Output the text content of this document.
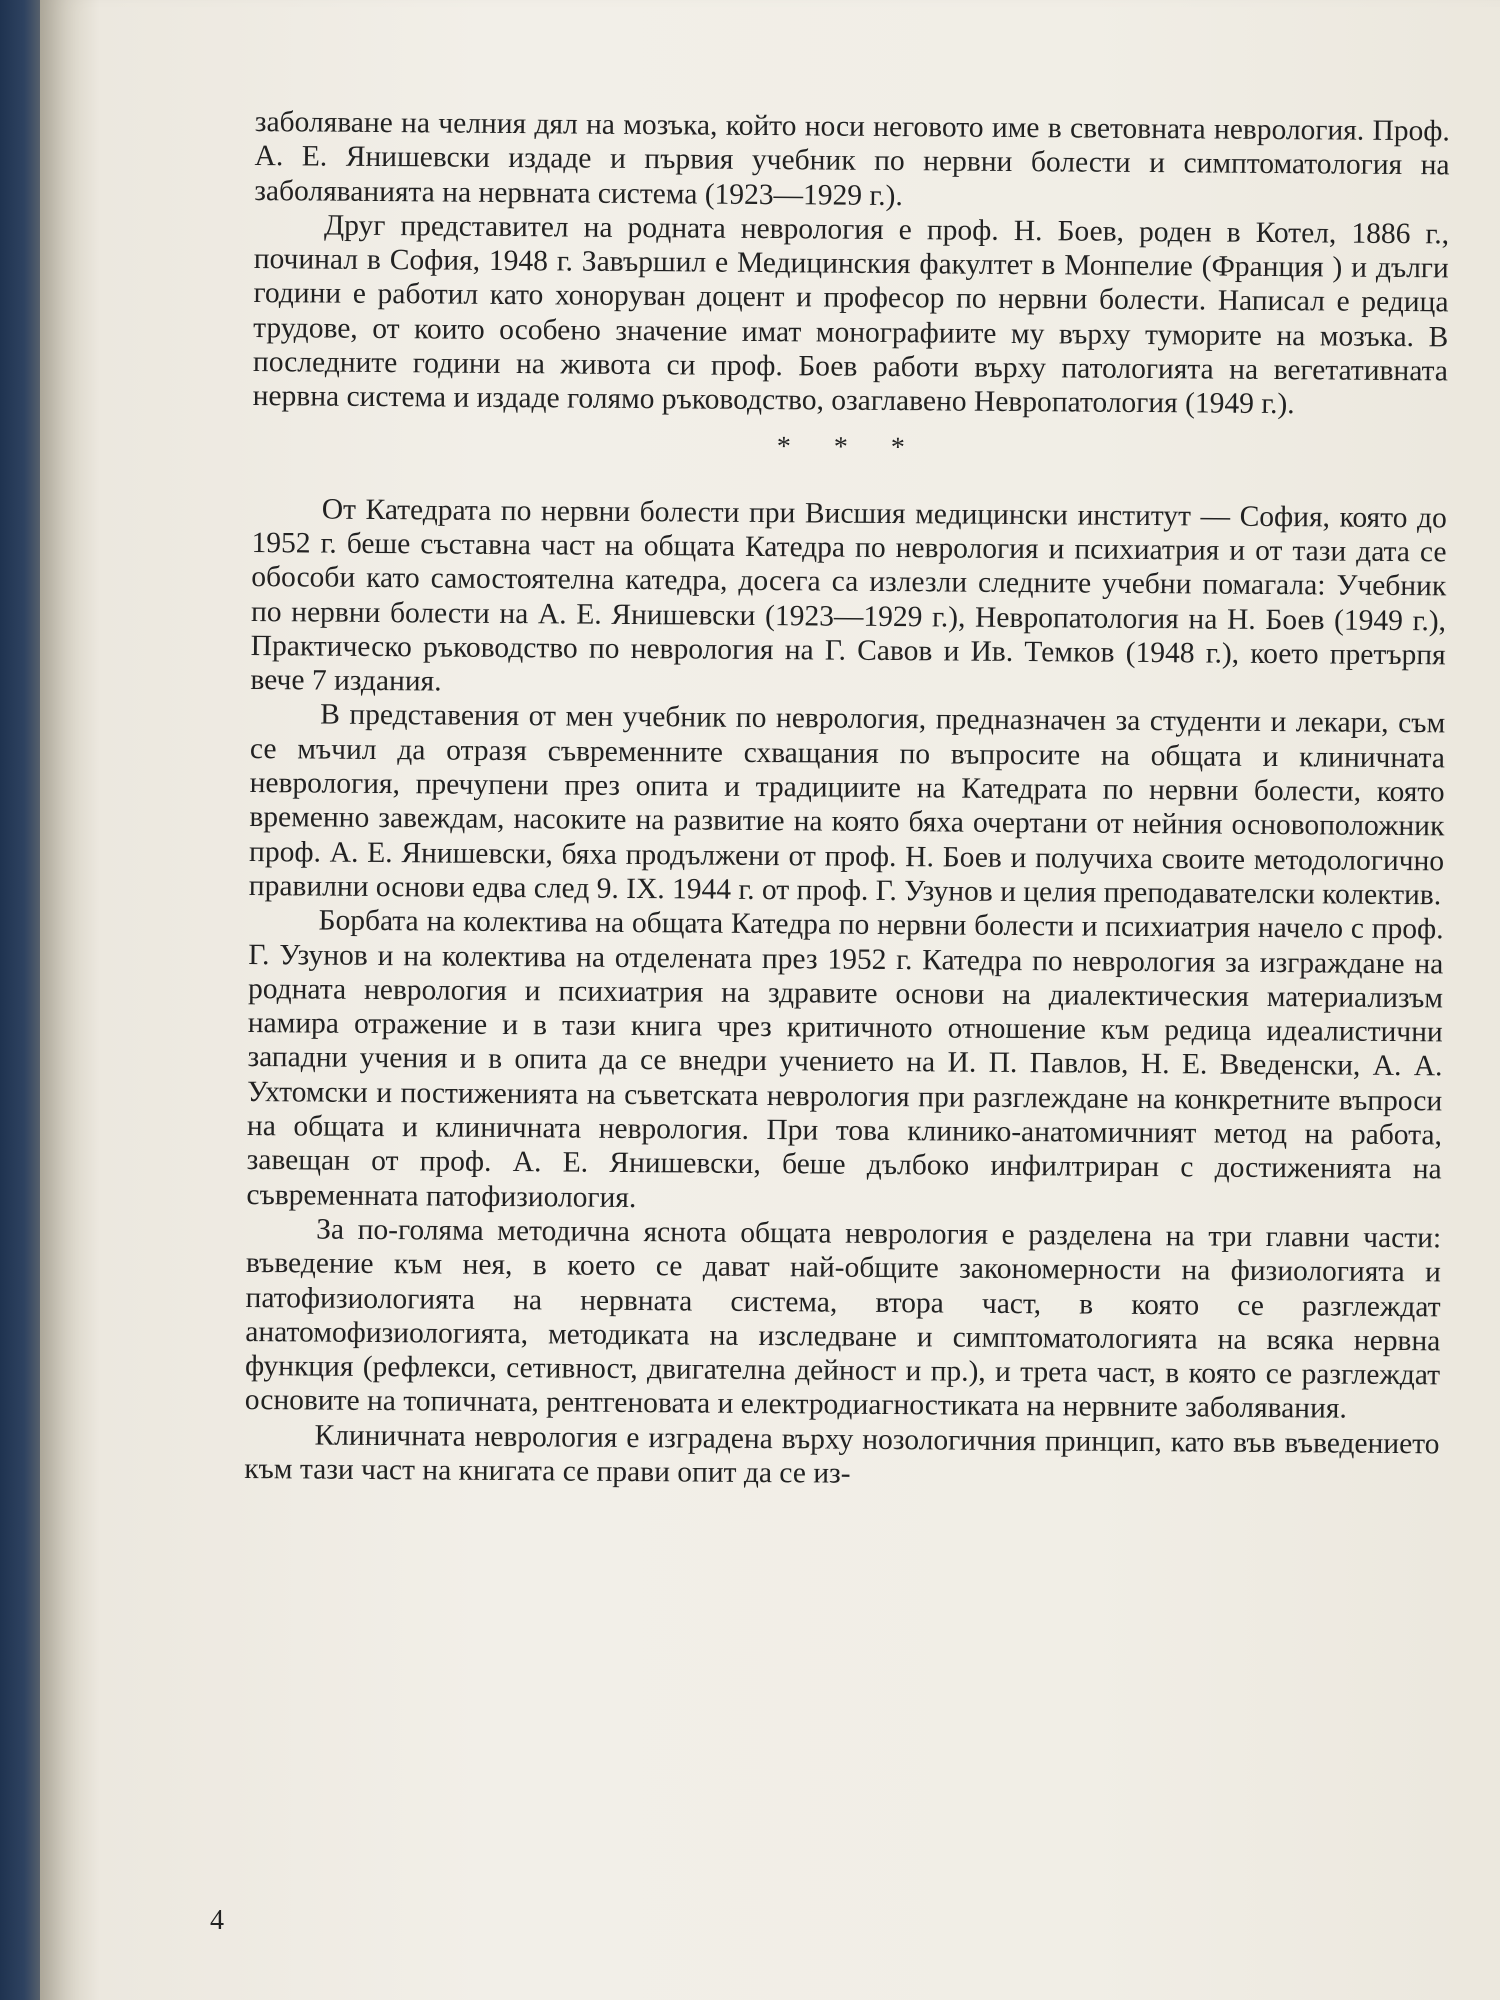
заболяване на челния дял на мозъка, който носи неговото име в световната неврология. Проф. А. Е. Янишевски издаде и първия учебник по нервни болести и симптоматология на заболяванията на нервната система (1923—1929 г.).

Друг представител на родната неврология е проф. Н. Боев, роден в Котел, 1886 г., починал в София, 1948 г. Завършил е Медицинския факултет в Монпелие (Франция ) и дълги години е работил като хоноруван доцент и професор по нервни болести. Написал е редица трудове, от които особено значение имат монографиите му върху туморите на мозъка. В последните години на живота си проф. Боев работи върху патологията на вегетативната нервна система и издаде голямо ръководство, озаглавено Невропатология (1949 г.).

* * *

От Катедрата по нервни болести при Висшия медицински институт — София, която до 1952 г. беше съставна част на общата Катедра по неврология и психиатрия и от тази дата се обособи като самостоятелна катедра, досега са излезли следните учебни помагала: Учебник по нервни болести на А. Е. Янишевски (1923—1929 г.), Невропатология на Н. Боев (1949 г.), Практическо ръководство по неврология на Г. Савов и Ив. Темков (1948 г.), което претърпя вече 7 издания.

В представения от мен учебник по неврология, предназначен за студенти и лекари, съм се мъчил да отразя съвременните схващания по въпросите на общата и клиничната неврология, пречупени през опита и традициите на Катедрата по нервни болести, която временно завеждам, насоките на развитие на която бяха очертани от нейния основоположник проф. А. Е. Янишевски, бяха продължени от проф. Н. Боев и получиха своите методологично правилни основи едва след 9. IX. 1944 г. от проф. Г. Узунов и целия преподавателски колектив.

Борбата на колектива на общата Катедра по нервни болести и психиатрия начело с проф. Г. Узунов и на колектива на отделената през 1952 г. Катедра по неврология за изграждане на родната неврология и психиатрия на здравите основи на диалектическия материализъм намира отражение и в тази книга чрез критичното отношение към редица идеалистични западни учения и в опита да се внедри учението на И. П. Павлов, Н. Е. Введенски, А. А. Ухтомски и постиженията на съветската неврология при разглеждане на конкретните въпроси на общата и клиничната неврология. При това клинико-анатомичният метод на работа, завещан от проф. А. Е. Янишевски, беше дълбоко инфилтриран с достиженията на съвременната патофизиология.

За по-голяма методична яснота общата неврология е разделена на три главни части: въведение към нея, в което се дават най-общите закономерности на физиологията и патофизиологията на нервната система, втора част, в която се разглеждат анатомофизиологията, методиката на изследване и симптоматологията на всяка нервна функция (рефлекси, сетивност, двигателна дейност и пр.), и трета част, в която се разглеждат основите на топичната, рентгеновата и електродиагностиката на нервните заболявания.

Клиничната неврология е изградена върху нозологичния принцип, като във въведението към тази част на книгата се прави опит да се из-

4
